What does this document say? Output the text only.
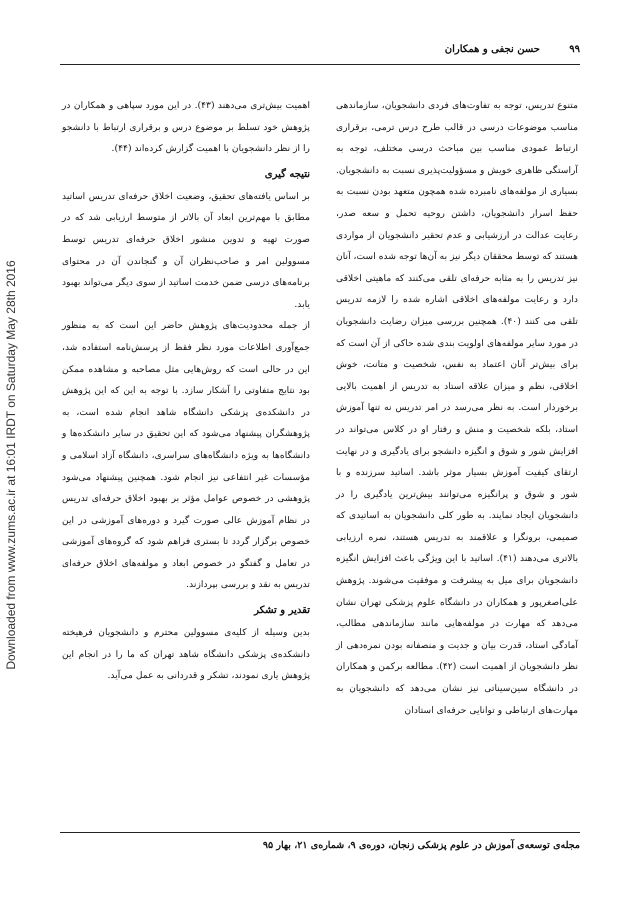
۹۹
حسن نجفی و همکاران
Downloaded from www.zums.ac.ir at 16:01 IRDT on Saturday May 28th 2016

متنوع تدریس، توجه به تفاوت‌های فردی دانشجویان، سازماندهی مناسب موضوعات درسی در قالب طرح درس ترمی، برقراری ارتباط عمودی مناسب بین مباحث درسی مختلف، توجه به آراستگی ظاهری خویش و مسؤولیت‌پذیری نسبت به دانشجویان. بسیاری از مولفه‌های نامبرده شده همچون متعهد بودن نسبت به حفظ اسرار دانشجویان، داشتن روحیه تحمل و سعه صدر، رعایت عدالت در ارزشیابی و عدم تحقیر دانشجویان از مواردی هستند که توسط محققان دیگر نیز به آن‌ها توجه شده است، آنان نیز تدریس را به مثابه حرفه‌ای تلقی می‌کنند که ماهیتی اخلاقی دارد و رعایت مولفه‌های اخلاقی اشاره شده را لازمه تدریس تلقی می کنند (۴۰). همچنین بررسی میزان رضایت دانشجویان در مورد سایر مولفه‌های اولویت بندی شده حاکی از آن است که برای بیش‌تر آنان اعتماد به نفس، شخصیت و متانت، خوش اخلاقی، نظم و میزان علاقه استاد به تدریس از اهمیت بالایی برخوردار است. به نظر می‌رسد در امر تدریس نه تنها آموزش استاد، بلکه شخصیت و منش و رفتار او در کلاس می‌تواند در افزایش شور و شوق و انگیزه دانشجو برای یادگیری و در نهایت ارتقای کیفیت آموزش بسیار موثر باشد. اساتید سرزنده و با شور و شوق و پرانگیزه می‌توانند بیش‌ترین یادگیری را در دانشجویان ایجاد نمایند. به طور کلی دانشجویان به اساتیدی که صمیمی، برونگرا و علاقمند به تدریس هستند، نمره ارزیابی بالاتری می‌دهند (۴۱). اساتید با این ویژگی باعث افزایش انگیزه دانشجویان برای میل به پیشرفت و موفقیت می‌شوند. پژوهش علی‌اصغرپور و همکاران در دانشگاه علوم پزشکی تهران نشان می‌دهد که مهارت در مولفه‌هایی مانند سازماندهی مطالب، آمادگی استاد، قدرت بیان و جدیت و منصفانه بودن نمره‌دهی از نظر دانشجویان از اهمیت است (۴۲). مطالعه برکمن و همکاران در دانشگاه سین‌سیناتی نیز نشان می‌دهد که دانشجویان به مهارت‌های ارتباطی و توانایی حرفه‌ای استادان

اهمیت بیش‌تری می‌دهند (۴۳). در این مورد سپاهی و همکاران در پژوهش خود تسلط بر موضوع درس و برقراری ارتباط با دانشجو را از نظر دانشجویان با اهمیت گزارش کرده‌اند (۴۴).

نتیجه گیری

بر اساس یافته‌های تحقیق، وضعیت اخلاق حرفه‌ای تدریس اساتید مطابق با مهم‌ترین ابعاد آن بالاتر از متوسط ارزیابی شد که در صورت تهیه و تدوین منشور اخلاق حرفه‌ای تدریس توسط مسوولین امر و صاحب‌نظران آن و گنجاندن آن در محتوای برنامه‌های درسی ضمن خدمت اساتید از سوی دیگر می‌تواند بهبود یابد.

از جمله محدودیت‌های پژوهش حاضر این است که به منظور جمع‌آوری اطلاعات مورد نظر فقط از پرسش‌نامه استفاده شد، این در حالی است که روش‌هایی مثل مصاحبه و مشاهده ممکن بود نتایج متفاوتی را آشکار سازد. با توجه به این که این پژوهش در دانشکده‌ی پزشکی دانشگاه شاهد انجام شده است، به پژوهشگران پیشنهاد می‌شود که این تحقیق در سایر دانشکده‌ها و دانشگاه‌ها به ویژه دانشگاه‌های سراسری، دانشگاه آزاد اسلامی و مؤسسات غیر انتفاعی نیز انجام شود. همچنین پیشنهاد می‌شود پژوهشی در خصوص عوامل مؤثر بر بهبود اخلاق حرفه‌ای تدریس در نظام آموزش عالی صورت گیرد و دوره‌های آموزشی در این خصوص برگزار گردد تا بستری فراهم شود که گروه‌های آموزشی در تعامل و گفتگو در خصوص ابعاد و مولفه‌های اخلاق حرفه‌ای تدریس به نقد و بررسی بپردازند.

تقدیر و تشکر

بدین وسیله از کلیه‌ی مسوولین محترم و دانشجویان فرهیخته دانشکده‌ی پزشکی دانشگاه شاهد تهران که ما را در انجام این پژوهش یاری نمودند، تشکر و قدردانی به عمل می‌آید.

مجله‌ی توسعه‌ی آموزش در علوم پزشکی زنجان، دوره‌ی ۹، شماره‌ی ۲۱، بهار ۹۵
